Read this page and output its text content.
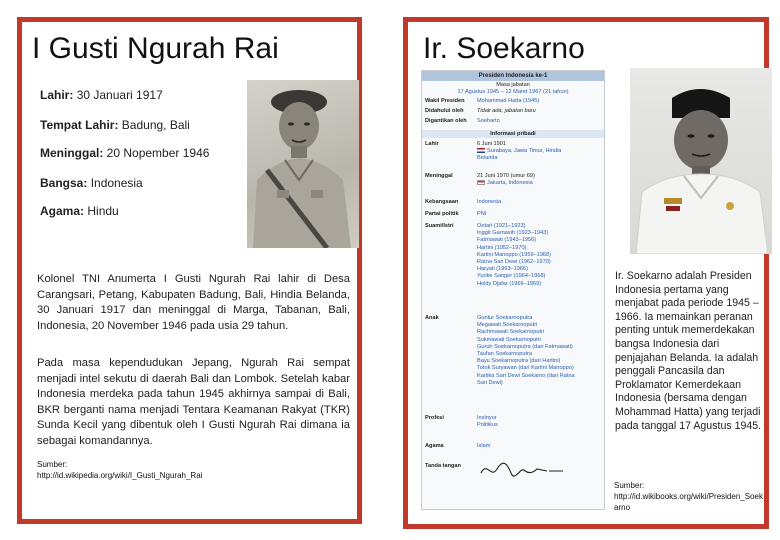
I Gusti Ngurah Rai
Lahir: 30 Januari 1917
Tempat Lahir: Badung, Bali
Meninggal: 20 Nopember 1946
Bangsa: Indonesia
Agama: Hindu

Kolonel TNI Anumerta I Gusti Ngurah Rai lahir di Desa Carangsari, Petang, Kabupaten Badung, Bali, Hindia Belanda, 30 Januari 1917 dan meninggal di Marga, Tabanan, Bali, Indonesia, 20 November 1946 pada usia 29 tahun.

Pada masa kependudukan Jepang, Ngurah Rai sempat menjadi intel sekutu di daerah Bali dan Lombok. Setelah kabar Indonesia merdeka pada tahun 1945 akhirnya sampai di Bali, BKR berganti nama menjadi Tentara Keamanan Rakyat (TKR) Sunda Kecil yang dibentuk oleh I Gusti Ngurah Rai dimana ia sebagai komandannya.

Sumber:
http://id.wikipedia.org/wiki/I_Gusti_Ngurah_Rai
Ir. Soekarno
Presiden Indonesia ke-1
Masa jabatan
17 Agustus 1945 – 12 Maret 1967 (21 tahun)
Wakil Presiden Mohammad Hatta (1945)
Didahului oleh Tidak ada, jabatan baru
Digantikan oleh Soeharto
Informasi pribadi
Lahir	6 Juni 1901
Surabaya, Jawa Timur, Hindia
Belanda
Meninggal	21 Juni 1970 (umur 69)
Jakarta, Indonesia
Kebangsaan	Indonesia
Partai politik	PNI
Suami/Istri	Oetari (1921–1923)
Inggit Garnasih (1923–1943)
Fatmawati (1943–1956)
Hartini (1952–1970)
Kartini Manoppo (1959–1968)
Ratna Sari Dewi (1962–1970)
Haryati (1963–1966)
Yurike Sanger (1964–1968)
Heldy Djafar (1966–1969)
Anak	Guntur Soekarnoputra
Megawati Soekarnoputri
Rachmawati Soekarnoputri
Sukmawati Soekarnoputri
Guruh Soekarnoputra (dari Fatmawati)
Taufan Soekarnoputra
Bayu Soekarnoputra (dari Hartini)
Totok Suryawan (dari Kartini Manoppo)
Kartika Sari Dewi Soekarno (dari Ratna
Sari Dewi)
Profesi	Insinyur
Politikus
Agama	Islam
Tanda tangan

Ir. Soekarno adalah Presiden Indonesia pertama yang menjabat pada periode 1945 – 1966. Ia memainkan peranan penting untuk memerdekakan bangsa Indonesia dari penjajahan Belanda. Ia adalah penggali Pancasila dan Proklamator Kemerdekaan Indonesia (bersama dengan Mohammad Hatta) yang terjadi pada tanggal 17 Agustus 1945.

Sumber:
http://id.wikibooks.org/wiki/Presiden_Soekarno
